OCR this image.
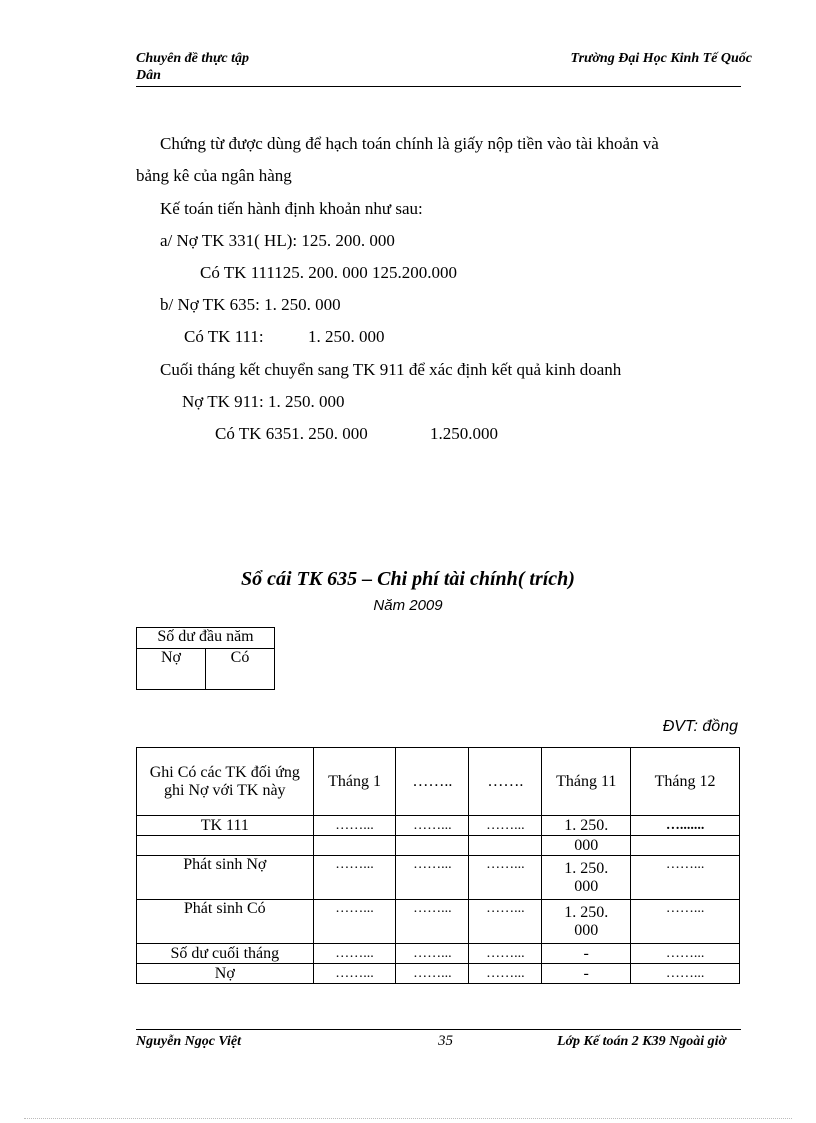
Chuyên đề thực tập
Dân
Trường Đại Học Kinh Tế Quốc
Chứng từ được dùng để hạch toán chính là giấy nộp tiền vào tài khoản và
bảng kê của ngân hàng
Kế toán tiến hành định khoản như sau:
a/ Nợ TK 331( HL): 125. 200. 000
Có TK 111125. 200. 000 125.200.000
b/ Nợ TK 635: 1. 250. 000
Có TK 111:	1. 250. 000
Cuối tháng kết chuyển sang TK 911 để xác định kết quả kinh doanh
Nợ TK 911: 1. 250. 000
Có TK 6351. 250. 000	1.250.000
Sổ cái TK 635 – Chi phí tài chính( trích)
Năm 2009
Số dư đầu năm
Nợ	Có
ĐVT: đồng
Ghi Có các TK đối ứng ghi Nợ với TK này	Tháng 1	……..	…….	Tháng 11	Tháng 12
TK 111	……...	……...	……...	1. 250.	….......
				000	
Phát sinh Nợ	……...	……...	……...	1. 250. 000	……...
Phát sinh Có	……...	……...	……...	1. 250. 000	……...
Số dư cuối tháng	……...	……...	……...	-	……...
Nợ	……...	……...	……...	-	……...
Nguyễn Ngọc Việt	35	Lớp Kế toán 2 K39 Ngoài giờ
